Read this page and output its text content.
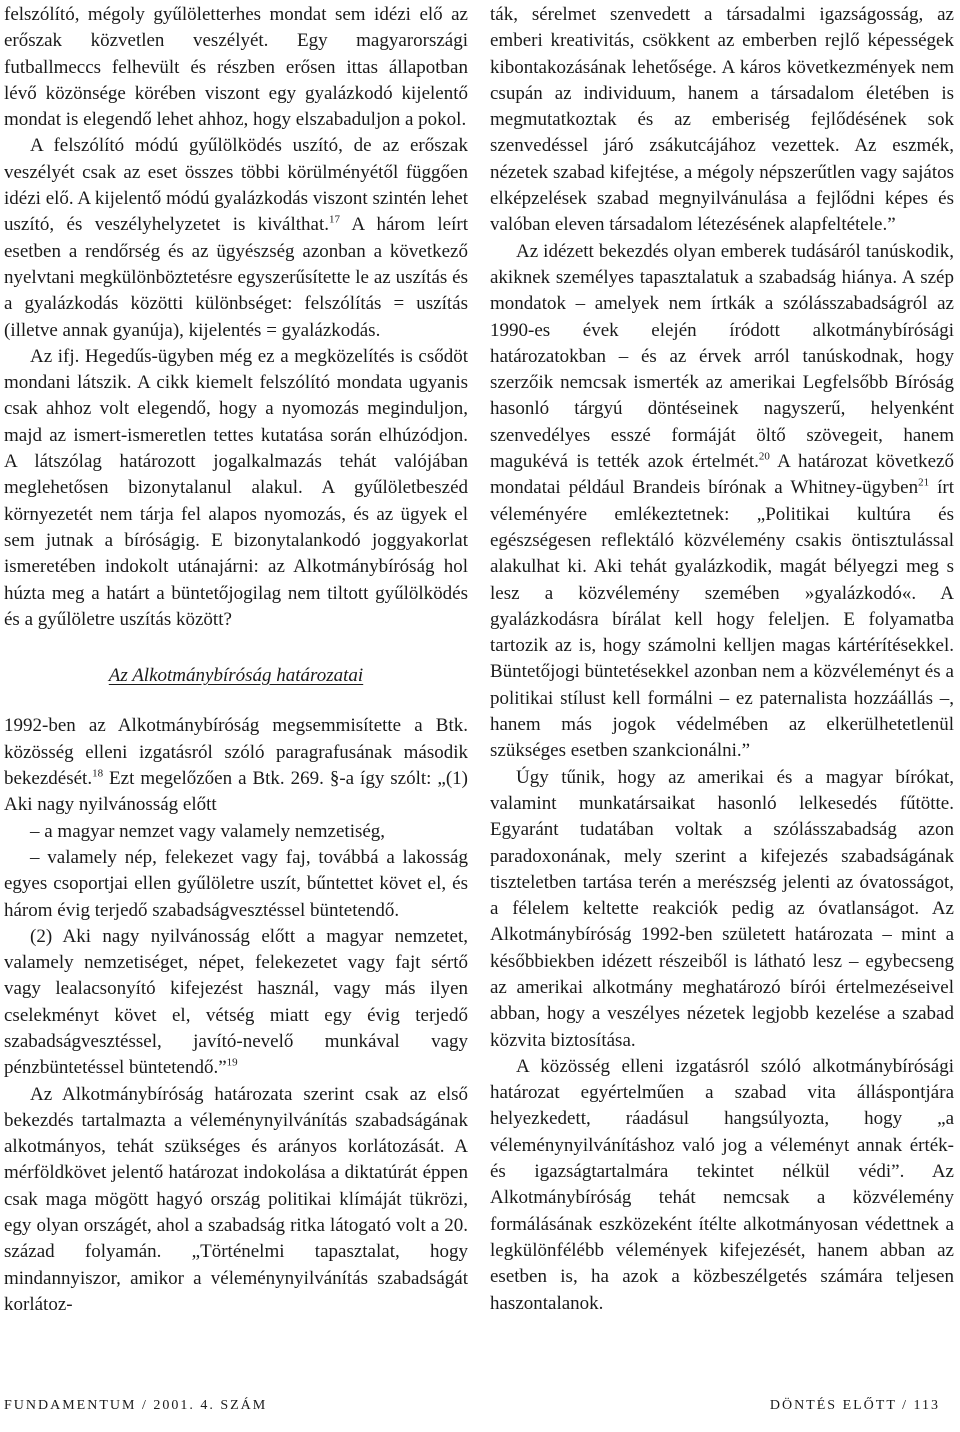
felszólító, mégoly gyűlöletterhes mondat sem idézi elő az erőszak közvetlen veszélyét. Egy magyarországi futballmeccs felhevült és részben erősen ittas állapotban lévő közönsége körében viszont egy gyalázkodó kijelentő mondat is elegendő lehet ahhoz, hogy elszabaduljon a pokol.

A felszólító módú gyűlölködés uszító, de az erőszak veszélyét csak az eset összes többi körülményétől függően idézi elő. A kijelentő módú gyalázkodás viszont szintén lehet uszító, és veszélyhelyzetet is kiválthat.$^{17}$ A három leírt esetben a rendőrség és az ügyészség azonban a következő nyelvtani megkülönböztetésre egyszerűsítette le az uszítás és a gyalázkodás közötti különbséget: felszólítás = uszítás (illetve annak gyanúja), kijelentés = gyalázkodás.

Az ifj. Hegedűs-ügyben még ez a megközelítés is csődöt mondani látszik. A cikk kiemelt felszólító mondata ugyanis csak ahhoz volt elegendő, hogy a nyomozás meginduljon, majd az ismert-ismeretlen tettes kutatása során elhúzódjon. A látszólag határozott jogalkalmazás tehát valójában meglehetősen bizonytalanul alakul. A gyűlöletbeszéd környezetét nem tárja fel alapos nyomozás, és az ügyek el sem jutnak a bíróságig. E bizonytalankodó joggyakorlat ismeretében indokolt utánajárni: az Alkotmánybíróság hol húzta meg a határt a büntetőjogilag nem tiltott gyűlölködés és a gyűlöletre uszítás között?

Az Alkotmánybíróság határozatai

1992-ben az Alkotmánybíróság megsemmisítette a Btk. közösség elleni izgatásról szóló paragrafusának második bekezdését.$^{18}$ Ezt megelőzően a Btk. 269. §-a így szólt: „(1) Aki nagy nyilvánosság előtt

– a magyar nemzet vagy valamely nemzetiség,

– valamely nép, felekezet vagy faj, továbbá a lakosság egyes csoportjai ellen gyűlöletre uszít, bűntettet követ el, és három évig terjedő szabadságvesztéssel büntetendő.

(2) Aki nagy nyilvánosság előtt a magyar nemzetet, valamely nemzetiséget, népet, felekezetet vagy fajt sértő vagy lealacsonyító kifejezést használ, vagy más ilyen cselekményt követ el, vétség miatt egy évig terjedő szabadságvesztéssel, javító-nevelő munkával vagy pénzbüntetéssel büntetendő.”$^{19}$

Az Alkotmánybíróság határozata szerint csak az első bekezdés tartalmazta a véleménynyilvánítás szabadságának alkotmányos, tehát szükséges és arányos korlátozását. A mérföldkövet jelentő határozat indokolása a diktatúrát éppen csak maga mögött hagyó ország politikai klímáját tükrözi, egy olyan országét, ahol a szabadság ritka látogató volt a 20. század folyamán. „Történelmi tapasztalat, hogy mindannyiszor, amikor a véleménynyilvánítás szabadságát korlátoz-

ták, sérelmet szenvedett a társadalmi igazságosság, az emberi kreativitás, csökkent az emberben rejlő képességek kibontakozásának lehetősége. A káros következmények nem csupán az individuum, hanem a társadalom életében is megmutatkoztak és az emberiség fejlődésének sok szenvedéssel járó zsákutcájához vezettek. Az eszmék, nézetek szabad kifejtése, a mégoly népszerűtlen vagy sajátos elképzelések szabad megnyilvánulása a fejlődni képes és valóban eleven társadalom létezésének alapfeltétele.”

Az idézett bekezdés olyan emberek tudásáról tanúskodik, akiknek személyes tapasztalatuk a szabadság hiánya. A szép mondatok – amelyek nem írtkák a szólásszabadságról az 1990-es évek elején íródott alkotmánybírósági határozatokban – és az érvek arról tanúskodnak, hogy szerzőik nemcsak ismerték az amerikai Legfelsőbb Bíróság hasonló tárgyú döntéseinek nagyszerű, helyenként szenvedélyes esszé formáját öltő szövegeit, hanem magukévá is tették azok értelmét.$^{20}$ A határozat következő mondatai például Brandeis bírónak a Whitney-ügyben$^{21}$ írt véleményére emlékeztetnek: „Politikai kultúra és egészségesen reflektáló közvélemény csakis öntisztulással alakulhat ki. Aki tehát gyalázkodik, magát bélyegzi meg s lesz a közvélemény szemében »gyalázkodó«. A gyalázkodásra bírálat kell hogy feleljen. E folyamatba tartozik az is, hogy számolni kelljen magas kártérítésekkel. Büntetőjogi büntetésekkel azonban nem a közvéleményt és a politikai stílust kell formálni – ez paternalista hozzáállás –, hanem más jogok védelmében az elkerülhetetlenül szükséges esetben szankcionálni.”

Úgy tűnik, hogy az amerikai és a magyar bírókat, valamint munkatársaikat hasonló lelkesedés fűtötte. Egyaránt tudatában voltak a szólásszabadság azon paradoxonának, mely szerint a kifejezés szabadságának tiszteletben tartása terén a merészség jelenti az óvatosságot, a félelem keltette reakciók pedig az óvatlanságot. Az Alkotmánybíróság 1992-ben született határozata – mint a későbbiekben idézett részeiből is látható lesz – egybecseng az amerikai alkotmány meghatározó bírói értelmezéseivel abban, hogy a veszélyes nézetek legjobb kezelése a szabad közvita biztosítása.

A közösség elleni izgatásról szóló alkotmánybírósági határozat egyértelműen a szabad vita álláspontjára helyezkedett, ráadásul hangsúlyozta, hogy „a véleménynyilvánításhoz való jog a véleményt annak érték- és igazságtartalmára tekintet nélkül védi”. Az Alkotmánybíróság tehát nemcsak a közvélemény formálásának eszközeként ítélte alkotmányosan védettnek a legkülönfélébb vélemények kifejezését, hanem abban az esetben is, ha azok a közbeszélgetés számára teljesen haszontalanok.

FUNDAMENTUM / 2001. 4. SZÁM	DÖNTÉS ELŐTT / 113
